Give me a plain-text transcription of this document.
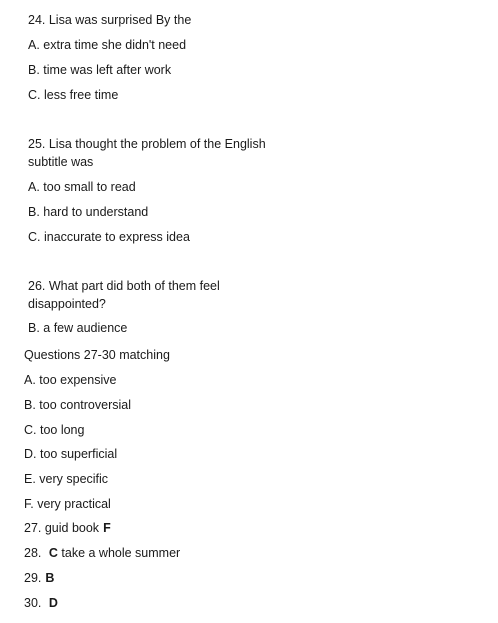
24. Lisa was surprised By the
A. extra time she didn't need
B. time was left after work
C. less free time
25. Lisa thought the problem of the English subtitle was
A. too small to read
B. hard to understand
C. inaccurate to express idea
26. What part did both of them feel disappointed?
B. a few audience
Questions 27-30 matching
A. too expensive
B. too controversial
C. too long
D. too superficial
E. very specific
F. very practical
27. guid book F
28. C take a whole summer
29. B
30. D
